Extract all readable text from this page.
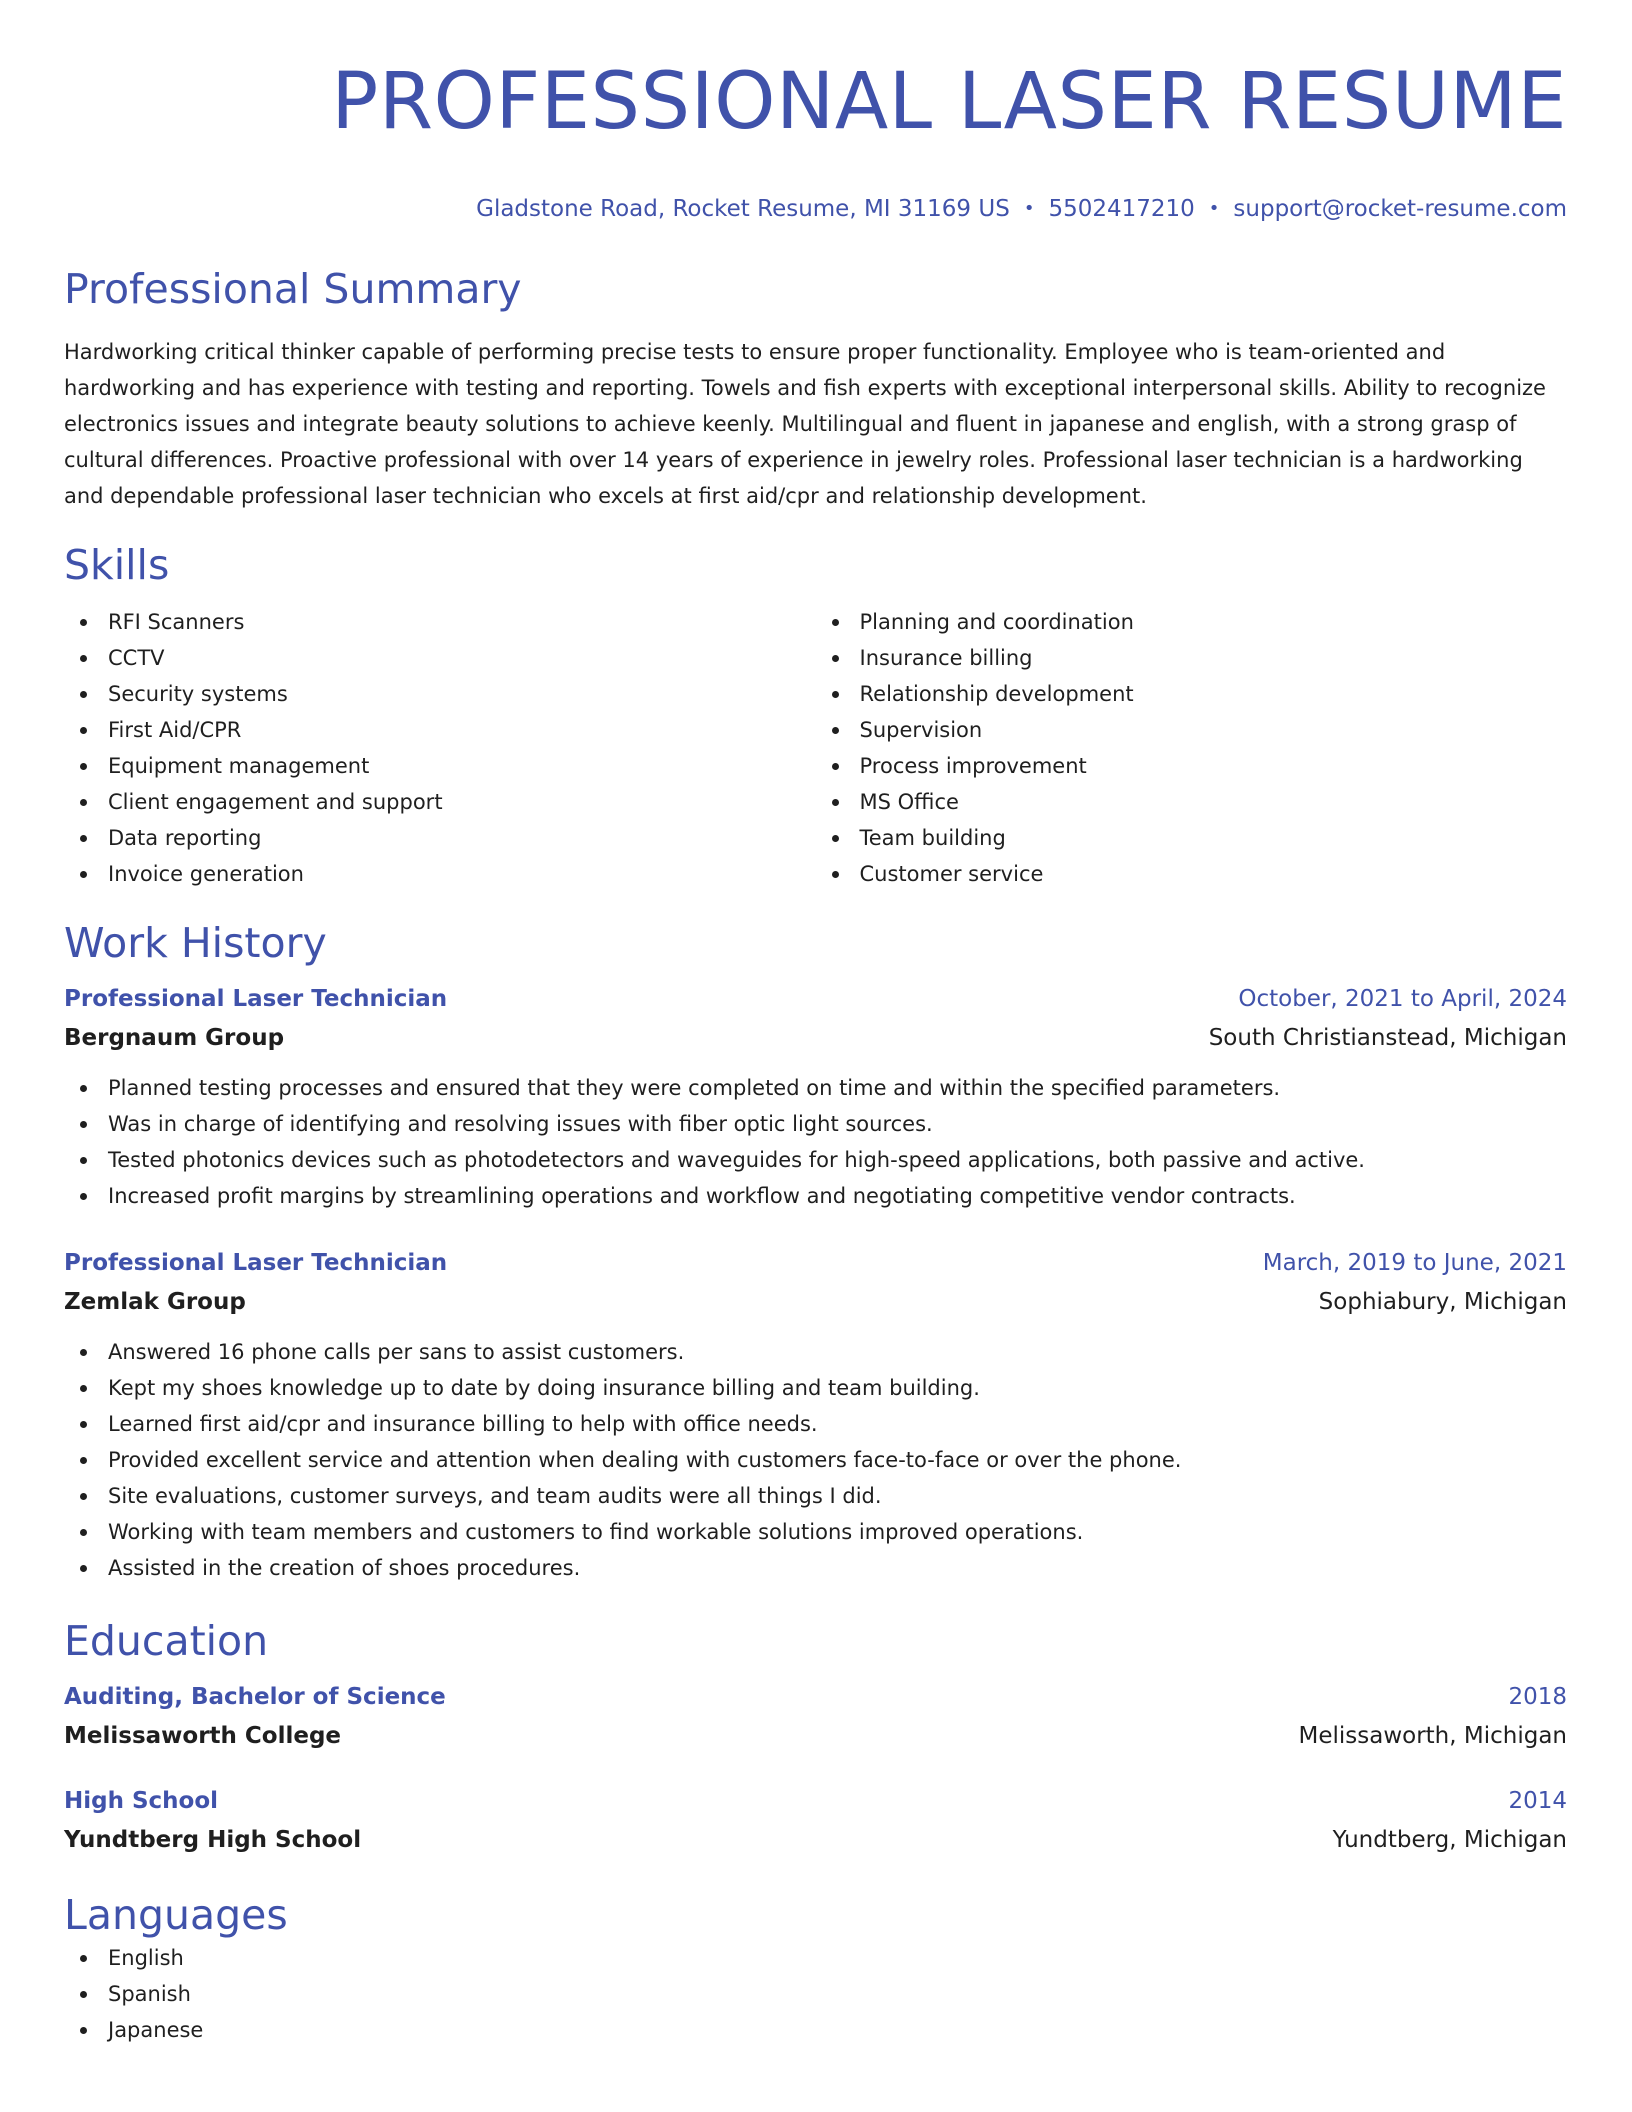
PROFESSIONAL LASER RESUME
Gladstone Road, Rocket Resume, MI 31169 US • 5502417210 • support@rocket-resume.com
Professional Summary
Hardworking critical thinker capable of performing precise tests to ensure proper functionality. Employee who is team-oriented and hardworking and has experience with testing and reporting. Towels and fish experts with exceptional interpersonal skills. Ability to recognize electronics issues and integrate beauty solutions to achieve keenly. Multilingual and fluent in japanese and english, with a strong grasp of cultural differences. Proactive professional with over 14 years of experience in jewelry roles. Professional laser technician is a hardworking and dependable professional laser technician who excels at first aid/cpr and relationship development.
Skills
RFI Scanners
CCTV
Security systems
First Aid/CPR
Equipment management
Client engagement and support
Data reporting
Invoice generation
Planning and coordination
Insurance billing
Relationship development
Supervision
Process improvement
MS Office
Team building
Customer service
Work History
Professional Laser Technician	October, 2021 to April, 2024
Bergnaum Group	South Christianstead, Michigan
Planned testing processes and ensured that they were completed on time and within the specified parameters.
Was in charge of identifying and resolving issues with fiber optic light sources.
Tested photonics devices such as photodetectors and waveguides for high-speed applications, both passive and active.
Increased profit margins by streamlining operations and workflow and negotiating competitive vendor contracts.
Professional Laser Technician	March, 2019 to June, 2021
Zemlak Group	Sophiabury, Michigan
Answered 16 phone calls per sans to assist customers.
Kept my shoes knowledge up to date by doing insurance billing and team building.
Learned first aid/cpr and insurance billing to help with office needs.
Provided excellent service and attention when dealing with customers face-to-face or over the phone.
Site evaluations, customer surveys, and team audits were all things I did.
Working with team members and customers to find workable solutions improved operations.
Assisted in the creation of shoes procedures.
Education
Auditing, Bachelor of Science	2018
Melissaworth College	Melissaworth, Michigan
High School	2014
Yundtberg High School	Yundtberg, Michigan
Languages
English
Spanish
Japanese
